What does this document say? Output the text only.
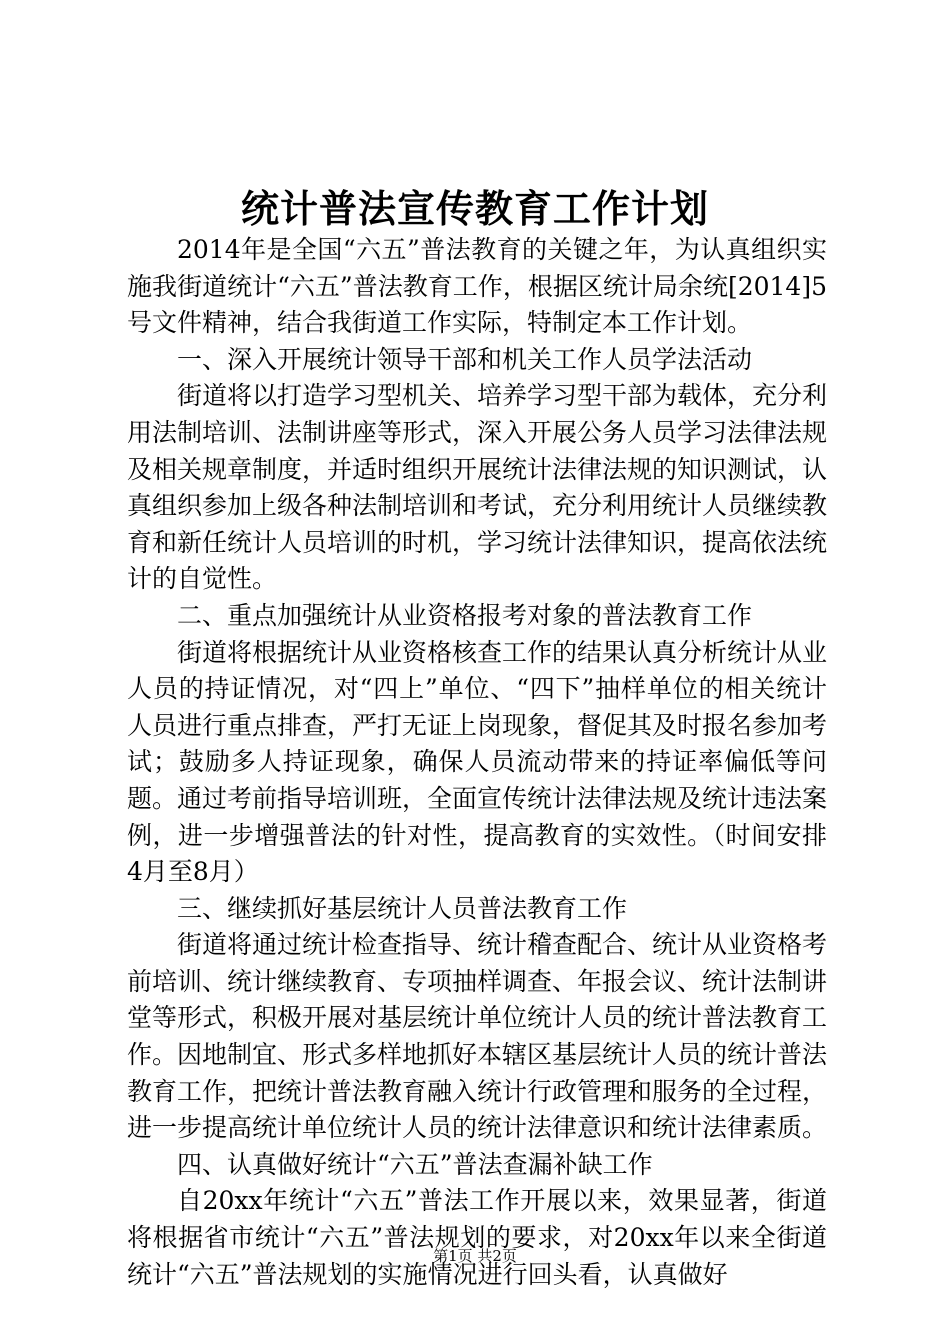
统计普法宣传教育工作计划

2014年是全国“六五”普法教育的关键之年，为认真组织实施我街道统计“六五”普法教育工作，根据区统计局余统[2014]5号文件精神，结合我街道工作实际，特制定本工作计划。

一、深入开展统计领导干部和机关工作人员学法活动

街道将以打造学习型机关、培养学习型干部为载体，充分利用法制培训、法制讲座等形式，深入开展公务人员学习法律法规及相关规章制度，并适时组织开展统计法律法规的知识测试，认真组织参加上级各种法制培训和考试，充分利用统计人员继续教育和新任统计人员培训的时机，学习统计法律知识，提高依法统计的自觉性。

二、重点加强统计从业资格报考对象的普法教育工作

街道将根据统计从业资格核查工作的结果认真分析统计从业人员的持证情况，对“四上”单位、“四下”抽样单位的相关统计人员进行重点排查，严打无证上岗现象，督促其及时报名参加考试；鼓励多人持证现象，确保人员流动带来的持证率偏低等问题。通过考前指导培训班，全面宣传统计法律法规及统计违法案例，进一步增强普法的针对性，提高教育的实效性。（时间安排4月至8月）

三、继续抓好基层统计人员普法教育工作

街道将通过统计检查指导、统计稽查配合、统计从业资格考前培训、统计继续教育、专项抽样调查、年报会议、统计法制讲堂等形式，积极开展对基层统计单位统计人员的统计普法教育工作。因地制宜、形式多样地抓好本辖区基层统计人员的统计普法教育工作，把统计普法教育融入统计行政管理和服务的全过程，进一步提高统计单位统计人员的统计法律意识和统计法律素质。

四、认真做好统计“六五”普法查漏补缺工作

自20xx年统计“六五”普法工作开展以来，效果显著，街道将根据省市统计“六五”普法规划的要求，对20xx年以来全街道统计“六五”普法规划的实施情况进行回头看，认真做好

第1页 共2页
